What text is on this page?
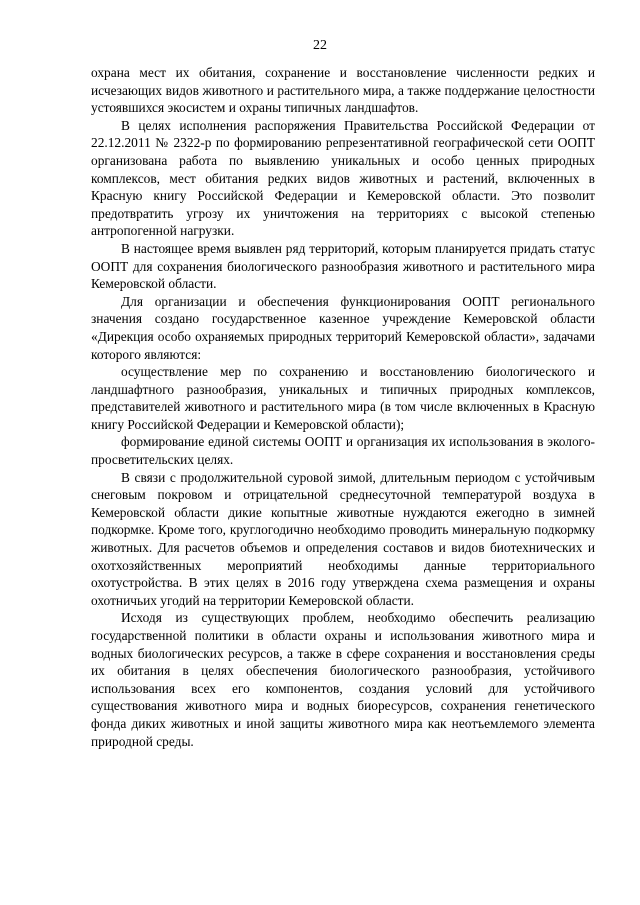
22

охрана мест их обитания, сохранение и восстановление численности редких и исчезающих видов животного и растительного мира, а также поддержание целостности устоявшихся экосистем и охраны типичных ландшафтов.

В целях исполнения распоряжения Правительства Российской Федерации от 22.12.2011 № 2322-р по формированию репрезентативной географической сети ООПТ организована работа по выявлению уникальных и особо ценных природных комплексов, мест обитания редких видов животных и растений, включенных в Красную книгу Российской Федерации и Кемеровской области. Это позволит предотвратить угрозу их уничтожения на территориях с высокой степенью антропогенной нагрузки.

В настоящее время выявлен ряд территорий, которым планируется придать статус ООПТ для сохранения биологического разнообразия животного и растительного мира Кемеровской области.

Для организации и обеспечения функционирования ООПТ регионального значения создано государственное казенное учреждение Кемеровской области «Дирекция особо охраняемых природных территорий Кемеровской области», задачами которого являются:

осуществление мер по сохранению и восстановлению биологического и ландшафтного разнообразия, уникальных и типичных природных комплексов, представителей животного и растительного мира (в том числе включенных в Красную книгу Российской Федерации и Кемеровской области);

формирование единой системы ООПТ и организация их использования в эколого-просветительских целях.

В связи с продолжительной суровой зимой, длительным периодом с устойчивым снеговым покровом и отрицательной среднесуточной температурой воздуха в Кемеровской области дикие копытные животные нуждаются ежегодно в зимней подкормке. Кроме того, круглогодично необходимо проводить минеральную подкормку животных. Для расчетов объемов и определения составов и видов биотехнических и охотхозяйственных мероприятий необходимы данные территориального охотустройства. В этих целях в 2016 году утверждена схема размещения и охраны охотничьих угодий на территории Кемеровской области.

Исходя из существующих проблем, необходимо обеспечить реализацию государственной политики в области охраны и использования животного мира и водных биологических ресурсов, а также в сфере сохранения и восстановления среды их обитания в целях обеспечения биологического разнообразия, устойчивого использования всех его компонентов, создания условий для устойчивого существования животного мира и водных биоресурсов, сохранения генетического фонда диких животных и иной защиты животного мира как неотъемлемого элемента природной среды.
